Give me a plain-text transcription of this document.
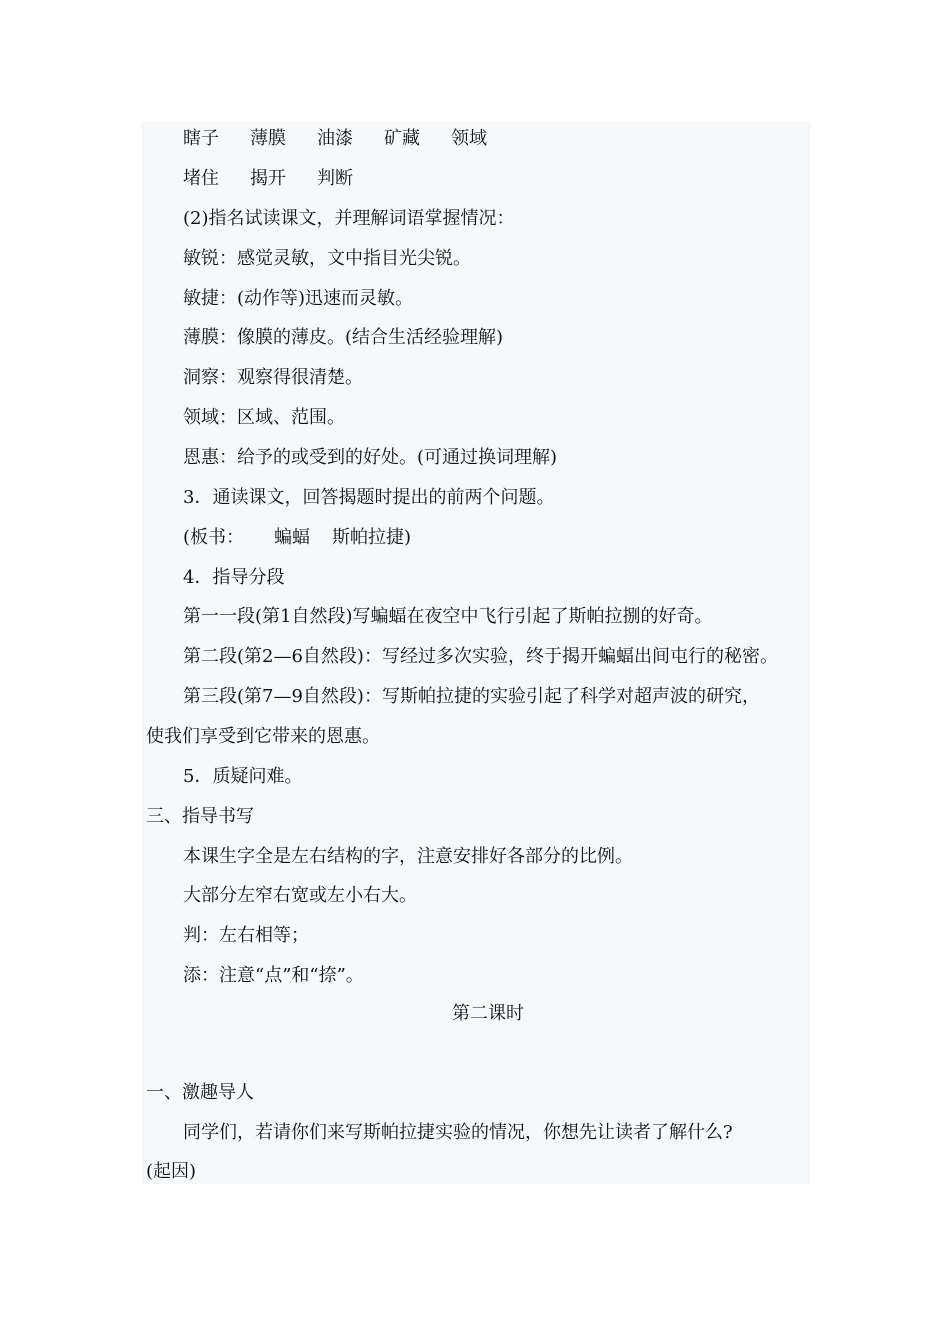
瞎子 薄膜 油漆 矿藏 领域
堵住 揭开 判断
(2)指名试读课文，并理解词语掌握情况：
敏锐：感觉灵敏，文中指目光尖锐。
敏捷：(动作等)迅速而灵敏。
薄膜：像膜的薄皮。(结合生活经验理解)
洞察：观察得很清楚。
领域：区域、范围。
恩惠：给予的或受到的好处。(可通过换词理解)
3．通读课文，回答揭题时提出的前两个问题。
(板书： 蝙蝠 斯帕拉捷)
4．指导分段
第一一段(第1自然段)写蝙蝠在夜空中飞行引起了斯帕拉捌的好奇。
第二段(第2—6自然段)：写经过多次实验，终于揭开蝙蝠出间屯行的秘密。
第三段(第7—9自然段)：写斯帕拉捷的实验引起了科学对超声波的研究，
使我们享受到它带来的恩惠。
5．质疑问难。
三、指导书写
本课生字全是左右结构的字，注意安排好各部分的比例。
大部分左窄右宽或左小右大。
判：左右相等；
添：注意“点”和“捺”。
第二课时
一、激趣导人
同学们，若请你们来写斯帕拉捷实验的情况，你想先让读者了解什么?
(起因)
